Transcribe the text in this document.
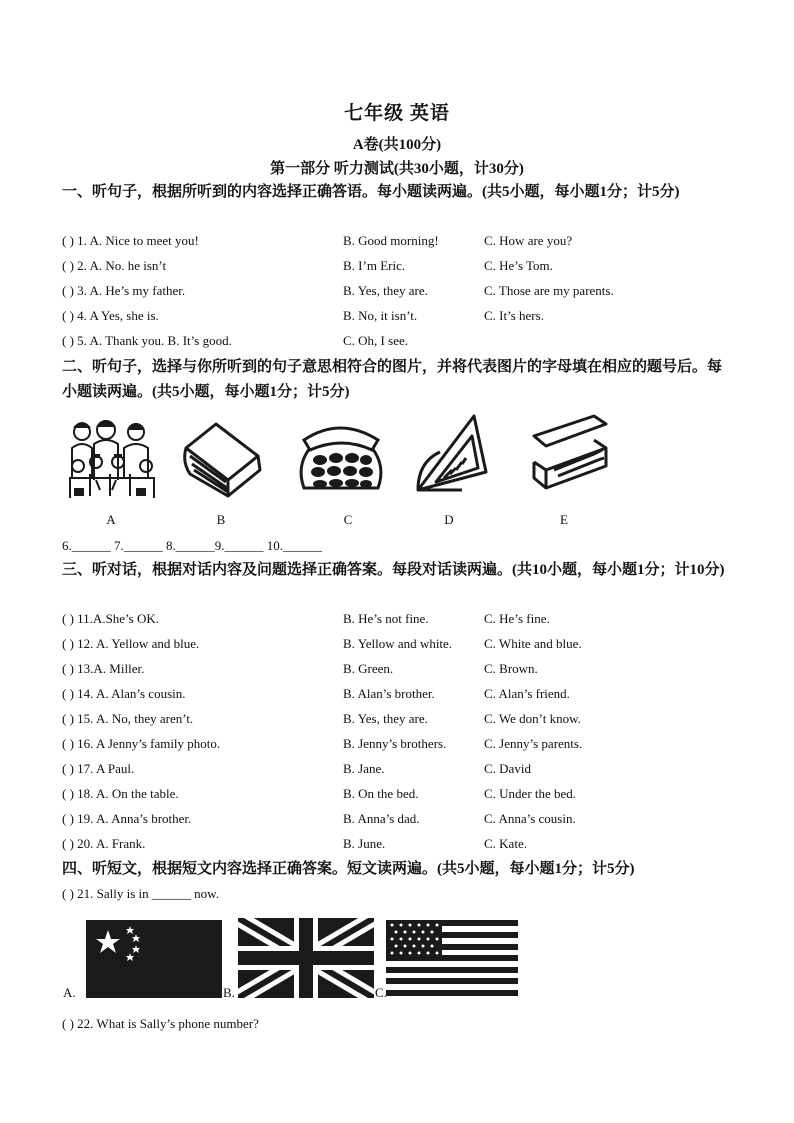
七年级 英语
A卷(共100分)
第一部分 听力测试(共30小题，计30分)
一、听句子，根据所听到的内容选择正确答语。每小题读两遍。(共5小题，每小题1分；计5分)
( ) 1. A. Nice to meet you!	B. Good morning!	C. How are you?
( ) 2. A. No. he isn’t	B. I’m Eric.	C. He’s Tom.
( ) 3. A. He’s my father.	B. Yes, they are.	C. Those are my parents.
( ) 4. A Yes, she is.	B. No, it isn’t.	C. It’s hers.
( ) 5. A. Thank you. B. It’s good.	C. Oh, I see.
二、听句子，选择与你所听到的句子意思相符合的图片，并将代表图片的字母填在相应的题号后。每小题读两遍。(共5小题，每小题1分；计5分)
A	B	C	D	E
6.______ 7.______ 8.______9.______ 10.______
三、听对话，根据对话内容及问题选择正确答案。每段对话读两遍。(共10小题，每小题1分；计10分)
( ) 11.A.She’s OK.	B. He’s not fine.	C. He’s fine.
( ) 12. A. Yellow and blue.	B. Yellow and white. C. White and blue.
( ) 13.A. Miller.	B. Green.	C. Brown.
( ) 14. A. Alan’s cousin.	B. Alan’s brother.	C. Alan’s friend.
( ) 15. A. No, they aren’t.	B. Yes, they are.	C. We don’t know.
( ) 16. A Jenny’s family photo.	B. Jenny’s brothers.	C. Jenny’s parents.
( ) 17. A Paul.	B. Jane.	C. David
( ) 18. A. On the table.	B. On the bed.	C. Under the bed.
( ) 19. A. Anna’s brother.	B. Anna’s dad.	C. Anna’s cousin.
( ) 20. A. Frank.	B. June.	C. Kate.
四、听短文，根据短文内容选择正确答案。短文读两遍。(共5小题，每小题1分；计5分)
( ) 21. Sally is in ______ now.
A.	B.	C.
( ) 22. What is Sally’s phone number?
